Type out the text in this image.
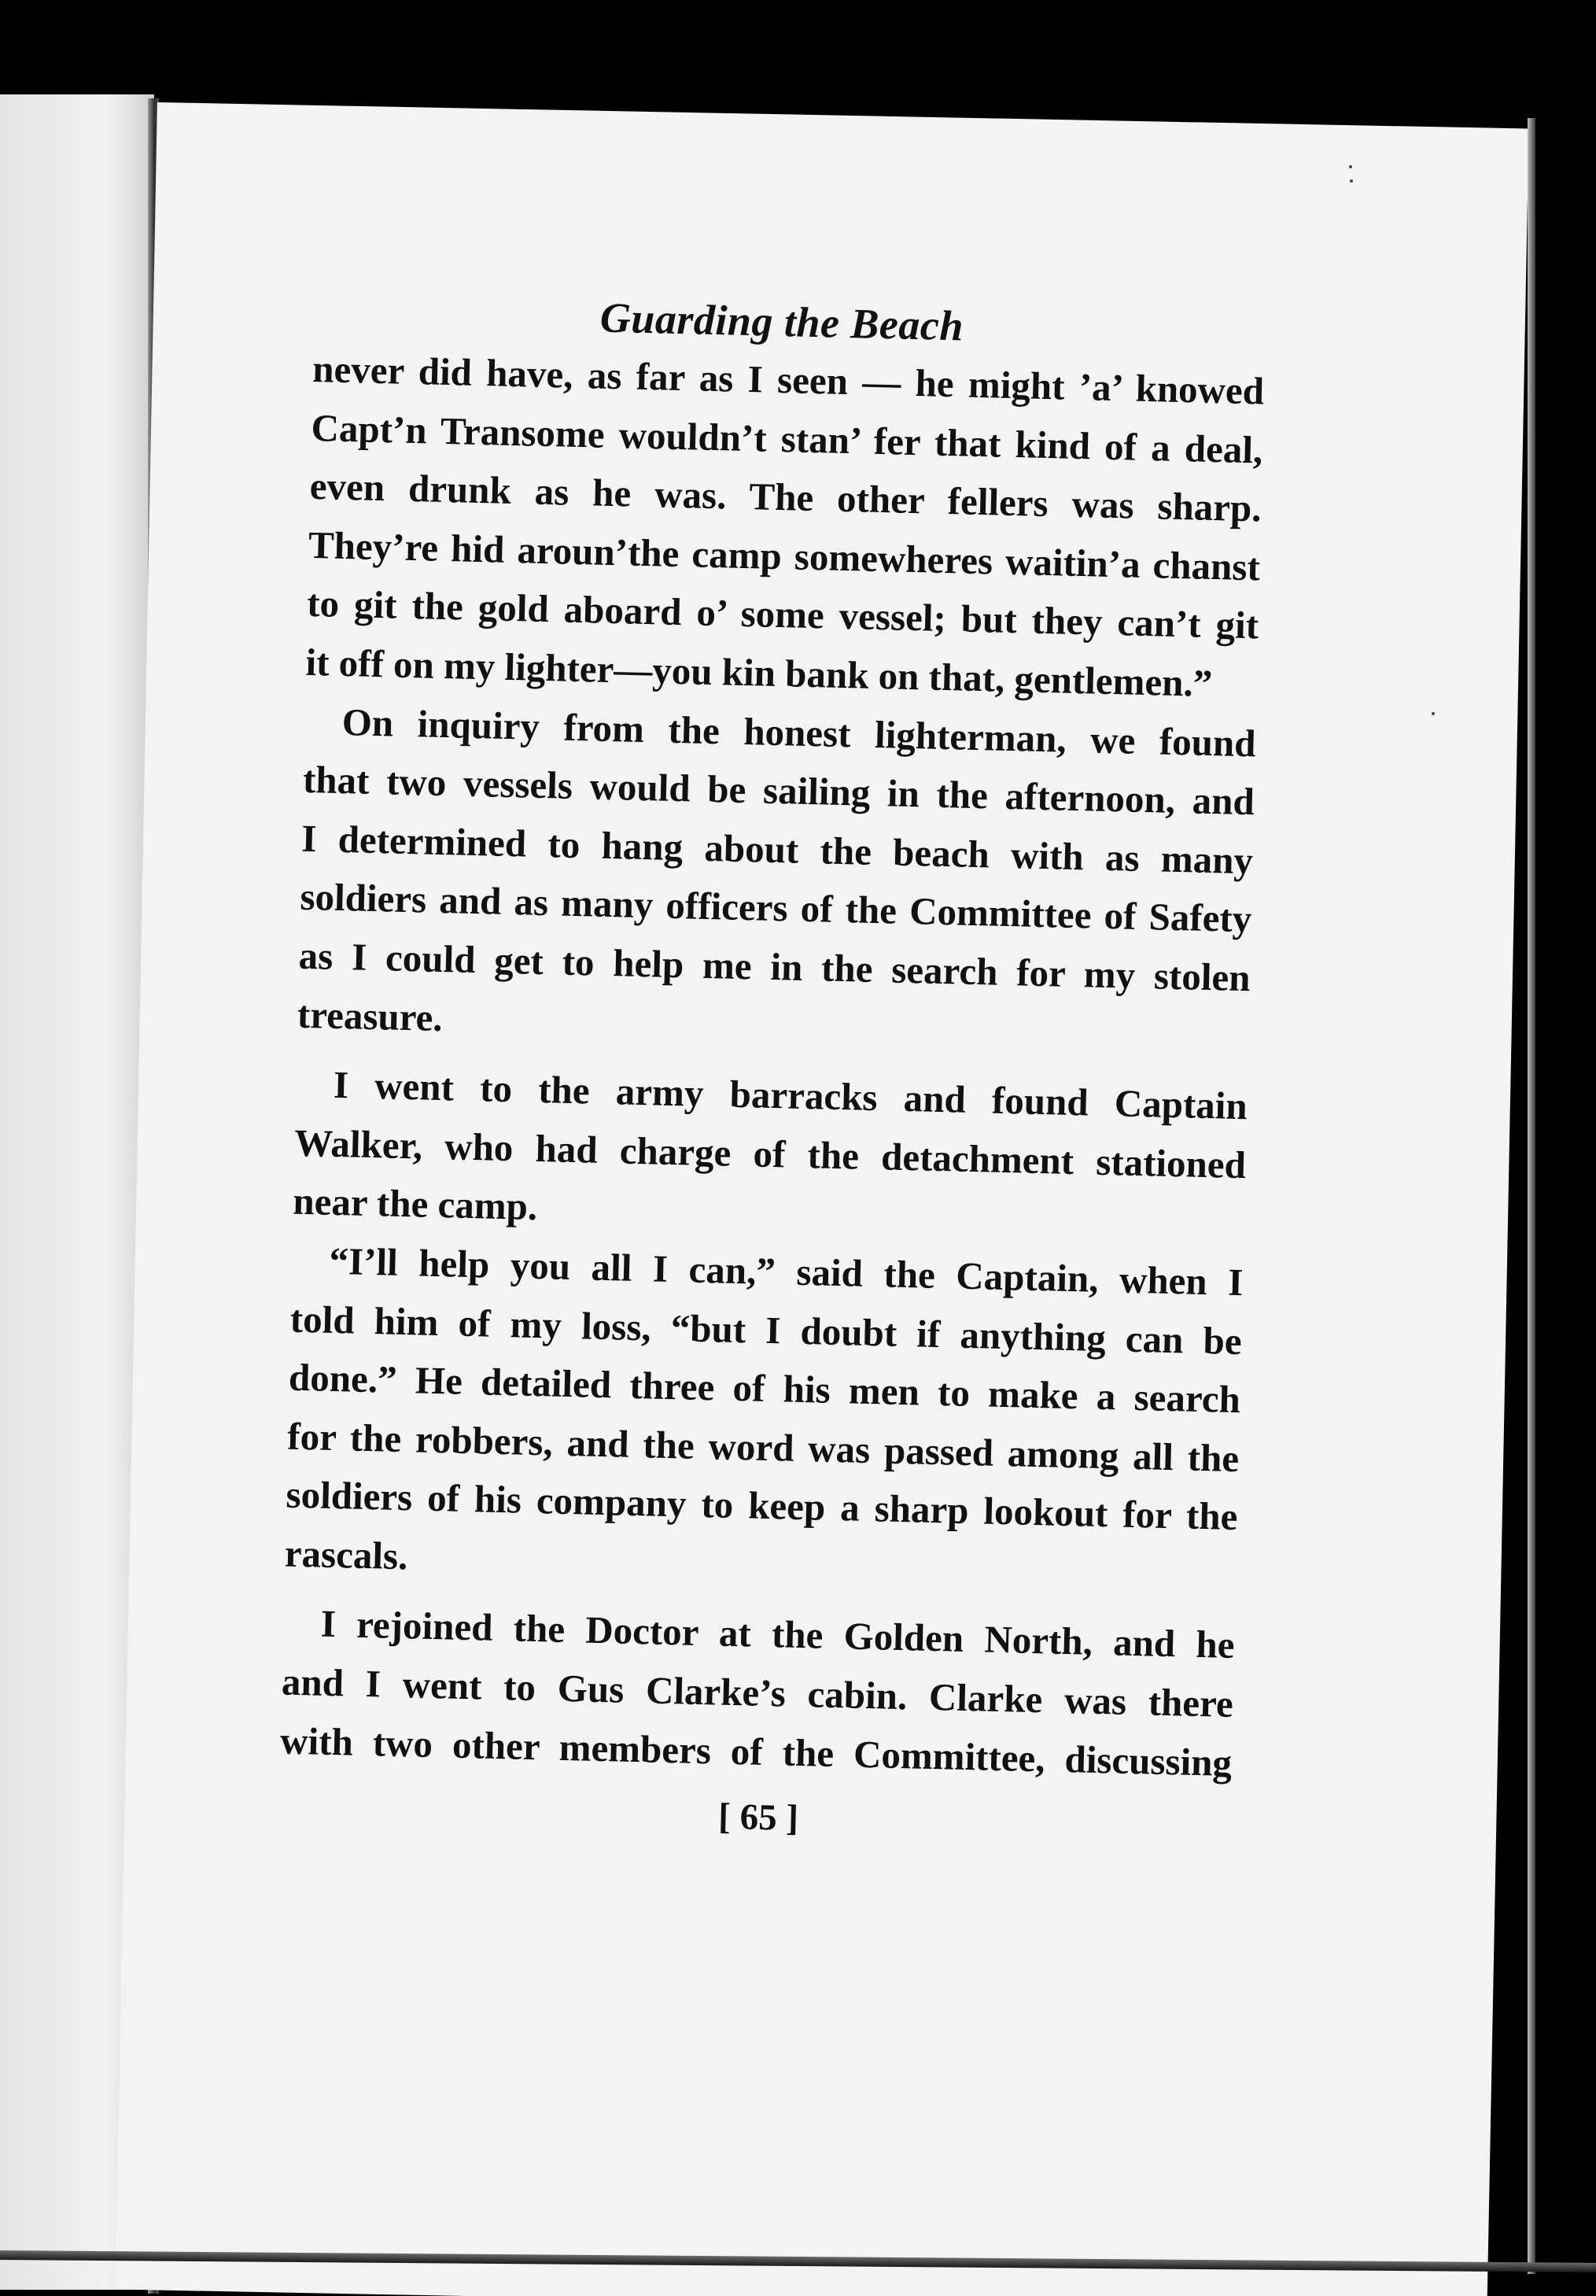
Guarding the Beach
never did have, as far as I seen — he might ’a’ knowed
Capt’n Transome wouldn’t stan’ fer that kind of a deal,
even drunk as he was. The other fellers was sharp.
They’re hid aroun’the camp somewheres waitin’a chanst
to git the gold aboard o’ some vessel; but they can’t git
it off on my lighter—you kin bank on that, gentlemen.”
On inquiry from the honest lighterman, we found
that two vessels would be sailing in the afternoon, and
I determined to hang about the beach with as many
soldiers and as many officers of the Committee of Safety
as I could get to help me in the search for my stolen
treasure.
I went to the army barracks and found Captain
Walker, who had charge of the detachment stationed
near the camp.
“I’ll help you all I can,” said the Captain, when I
told him of my loss, “but I doubt if anything can be
done.” He detailed three of his men to make a search
for the robbers, and the word was passed among all the
soldiers of his company to keep a sharp lookout for the
rascals.
I rejoined the Doctor at the Golden North, and he
and I went to Gus Clarke’s cabin. Clarke was there
with two other members of the Committee, discussing
[ 65 ]
